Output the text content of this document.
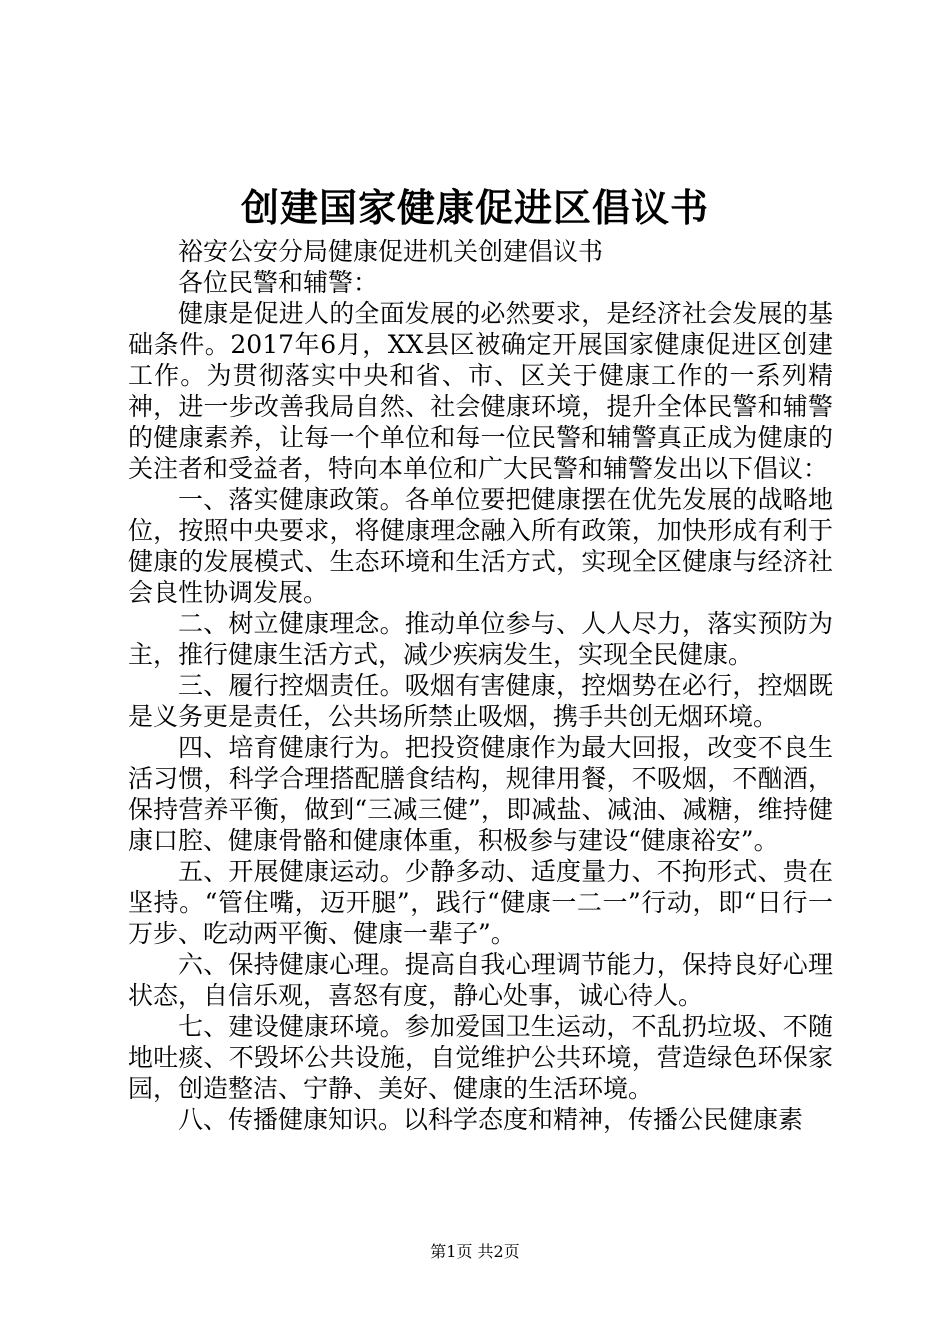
创建国家健康促进区倡议书

裕安公安分局健康促进机关创建倡议书

各位民警和辅警：

健康是促进人的全面发展的必然要求，是经济社会发展的基础条件。2017年6月，XX县区被确定开展国家健康促进区创建工作。为贯彻落实中央和省、市、区关于健康工作的一系列精神，进一步改善我局自然、社会健康环境，提升全体民警和辅警的健康素养，让每一个单位和每一位民警和辅警真正成为健康的关注者和受益者，特向本单位和广大民警和辅警发出以下倡议：

一、落实健康政策。各单位要把健康摆在优先发展的战略地位，按照中央要求，将健康理念融入所有政策，加快形成有利于健康的发展模式、生态环境和生活方式，实现全区健康与经济社会良性协调发展。

二、树立健康理念。推动单位参与、人人尽力，落实预防为主，推行健康生活方式，减少疾病发生，实现全民健康。

三、履行控烟责任。吸烟有害健康，控烟势在必行，控烟既是义务更是责任，公共场所禁止吸烟，携手共创无烟环境。

四、培育健康行为。把投资健康作为最大回报，改变不良生活习惯，科学合理搭配膳食结构，规律用餐，不吸烟，不酗酒，保持营养平衡，做到“三减三健”，即减盐、减油、减糖，维持健康口腔、健康骨骼和健康体重，积极参与建设“健康裕安”。

五、开展健康运动。少静多动、适度量力、不拘形式、贵在坚持。“管住嘴，迈开腿”，践行“健康一二一”行动，即“日行一万步、吃动两平衡、健康一辈子”。

六、保持健康心理。提高自我心理调节能力，保持良好心理状态，自信乐观，喜怒有度，静心处事，诚心待人。

七、建设健康环境。参加爱国卫生运动，不乱扔垃圾、不随地吐痰、不毁坏公共设施，自觉维护公共环境，营造绿色环保家园，创造整洁、宁静、美好、健康的生活环境。

八、传播健康知识。以科学态度和精神，传播公民健康素

第1页 共2页
